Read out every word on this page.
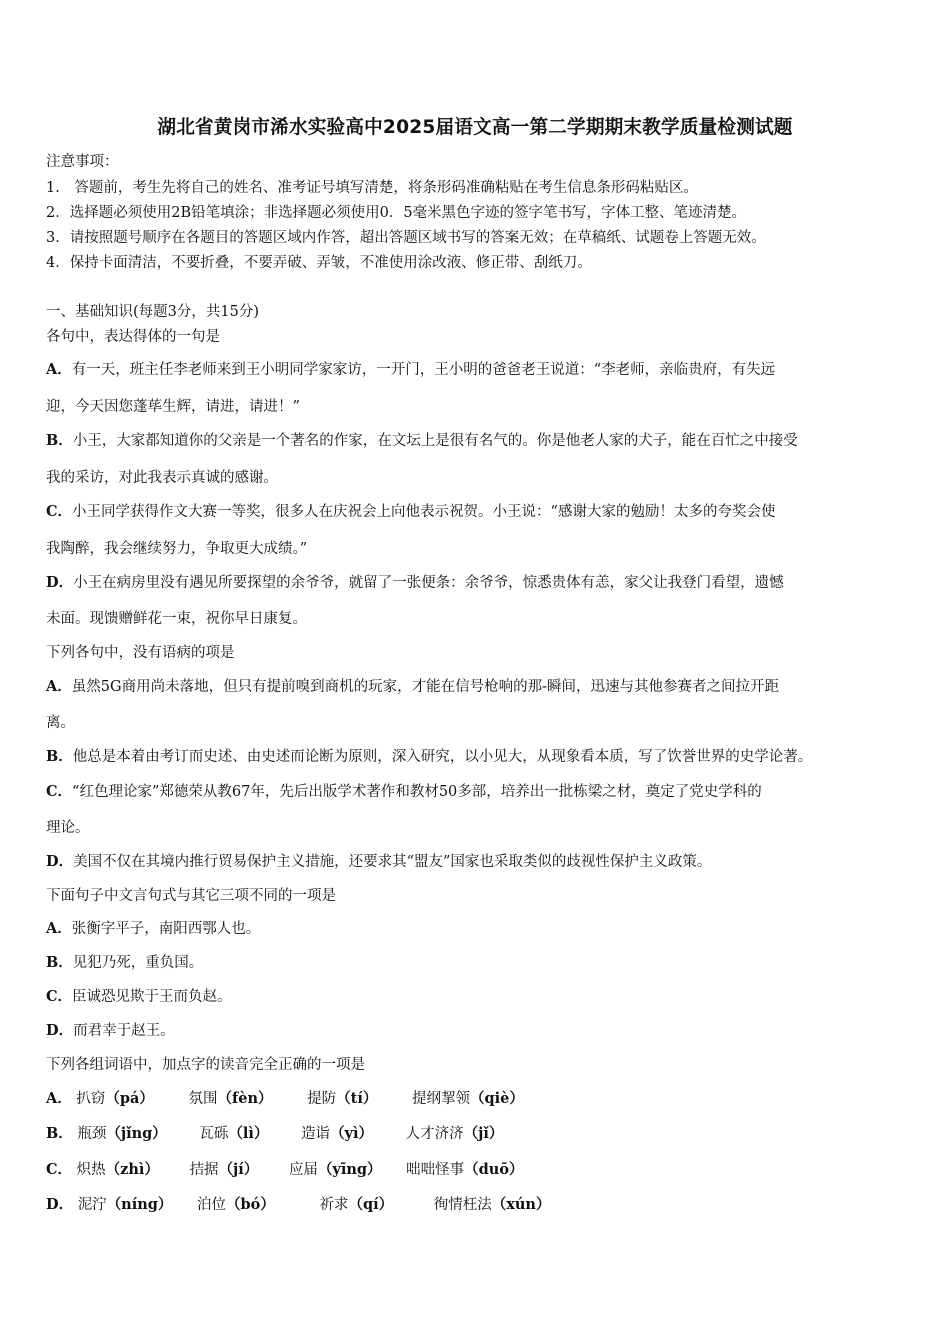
湖北省黄岗市浠水实验高中2025届语文高一第二学期期末教学质量检测试题
注意事项：
1.　答题前，考生先将自己的姓名、准考证号填写清楚，将条形码准确粘贴在考生信息条形码粘贴区。
2．选择题必须使用2B铅笔填涂；非选择题必须使用0．5毫米黑色字迹的签字笔书写，字体工整、笔迹清楚。
3．请按照题号顺序在各题目的答题区域内作答，超出答题区域书写的答案无效；在草稿纸、试题卷上答题无效。
4．保持卡面清洁，不要折叠，不要弄破、弄皱，不准使用涂改液、修正带、刮纸刀。
一、基础知识(每题3分，共15分)
各句中，表达得体的一句是
A．有一天，班主任李老师来到王小明同学家家访，一开门，王小明的爸爸老王说道：“李老师，亲临贵府，有失远
迎，今天因您蓬荜生辉，请进，请进！”
B．小王，大家都知道你的父亲是一个著名的作家，在文坛上是很有名气的。你是他老人家的犬子，能在百忙之中接受
我的采访，对此我表示真诚的感谢。
C．小王同学获得作文大赛一等奖，很多人在庆祝会上向他表示祝贺。小王说：“感谢大家的勉励！太多的夸奖会使
我陶醉，我会继续努力，争取更大成绩。”
D．小王在病房里没有遇见所要探望的余爷爷，就留了一张便条：余爷爷，惊悉贵体有恙，家父让我登门看望，遗憾
未面。现馈赠鲜花一束，祝你早日康复。
下列各句中，没有语病的项是
A．虽然5G商用尚未落地，但只有提前嗅到商机的玩家，才能在信号枪响的那-瞬间，迅速与其他参赛者之间拉开距
离。
B．他总是本着由考订而史述、由史述而论断为原则，深入研究，以小见大，从现象看本质，写了饮誉世界的史学论著。
C．“红色理论家”郑德荣从教67年，先后出版学术著作和教材50多部，培养出一批栋梁之材，奠定了党史学科的
理论。
D．美国不仅在其境内推行贸易保护主义措施，还要求其“盟友”国家也采取类似的歧视性保护主义政策。
下面句子中文言句式与其它三项不同的一项是
A．张衡字平子，南阳西鄂人也。
B．见犯乃死，重负国。
C．臣诚恐见欺于王而负赵。
D．而君幸于赵王。
下列各组词语中，加点字的读音完全正确的一项是
A． 扒窃（pá） 氛围（fèn） 提防（tí） 提纲挈领（qiè）
B． 瓶颈（jǐng） 瓦砾（lì） 造诣（yì） 人才济济（jǐ）
C． 炽热（zhì） 拮据（jí） 应届（yīng） 咄咄怪事（duō）
D． 泥泞（níng） 泊位（bó）	祈求（qí）	徇情枉法（xún）
